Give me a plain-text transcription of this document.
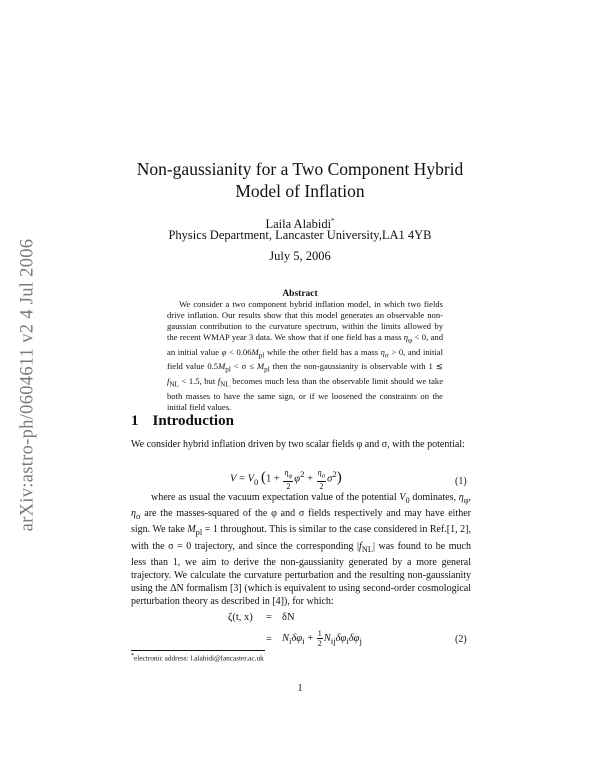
arXiv:astro-ph/0604611 v2 4 Jul 2006
Non-gaussianity for a Two Component Hybrid
Model of Inflation
Laila Alabidi*
Physics Department, Lancaster University,LA1 4YB
July 5, 2006
Abstract
We consider a two component hybrid inflation model, in which two fields drive inflation. Our results show that this model generates an observable non-gaussian contribution to the curvature spectrum, within the limits allowed by the recent WMAP year 3 data. We show that if one field has a mass $\eta_\varphi < 0$, and an initial value $\varphi < 0.06M_{pl}$ while the other field has a mass $\eta_\sigma > 0$, and initial field value $0.5M_{pl} < \sigma \le M_{pl}$ then the non-gaussianity is observable with 1 ≲ $f_{NL} < 1.5$, but $f_{NL}$ becomes much less than the observable limit should we take both masses to have the same sign, or if we loosened the constraints on the initial field values.
1 Introduction
We consider hybrid inflation driven by two scalar fields φ and σ, with the potential:
$V = V_0$ $(1 + \frac{\eta_\varphi}{2} \varphi^2 + \frac{\eta_\sigma}{2} \sigma^2)$	(1)
where as usual the vacuum expectation value of the potential $V_0$ dominates, $\eta_\varphi$, $\eta_\sigma$ are the masses-squared of the φ and σ fields respectively and may have either sign. We take $M_{pl} = 1$ throughout. This is similar to the case considered in Ref.[1, 2], with the σ = 0 trajectory, and since the corresponding $|f_{NL}|$ was found to be much less than 1, we aim to derive the non-gaussianity generated by a more general trajectory. We calculate the curvature perturbation and the resulting non-gaussianity using the ΔN formalism [3] (which is equivalent to using second-order cosmological perturbation theory as described in [4]), for which:
ζ(t, x) = δN
= $N_i\delta\varphi_i + \frac{1}{2} N_{ij}\delta\varphi_i\delta\varphi_j$	(2)
*electronic address: l.alabidi@lancaster.ac.uk
1
